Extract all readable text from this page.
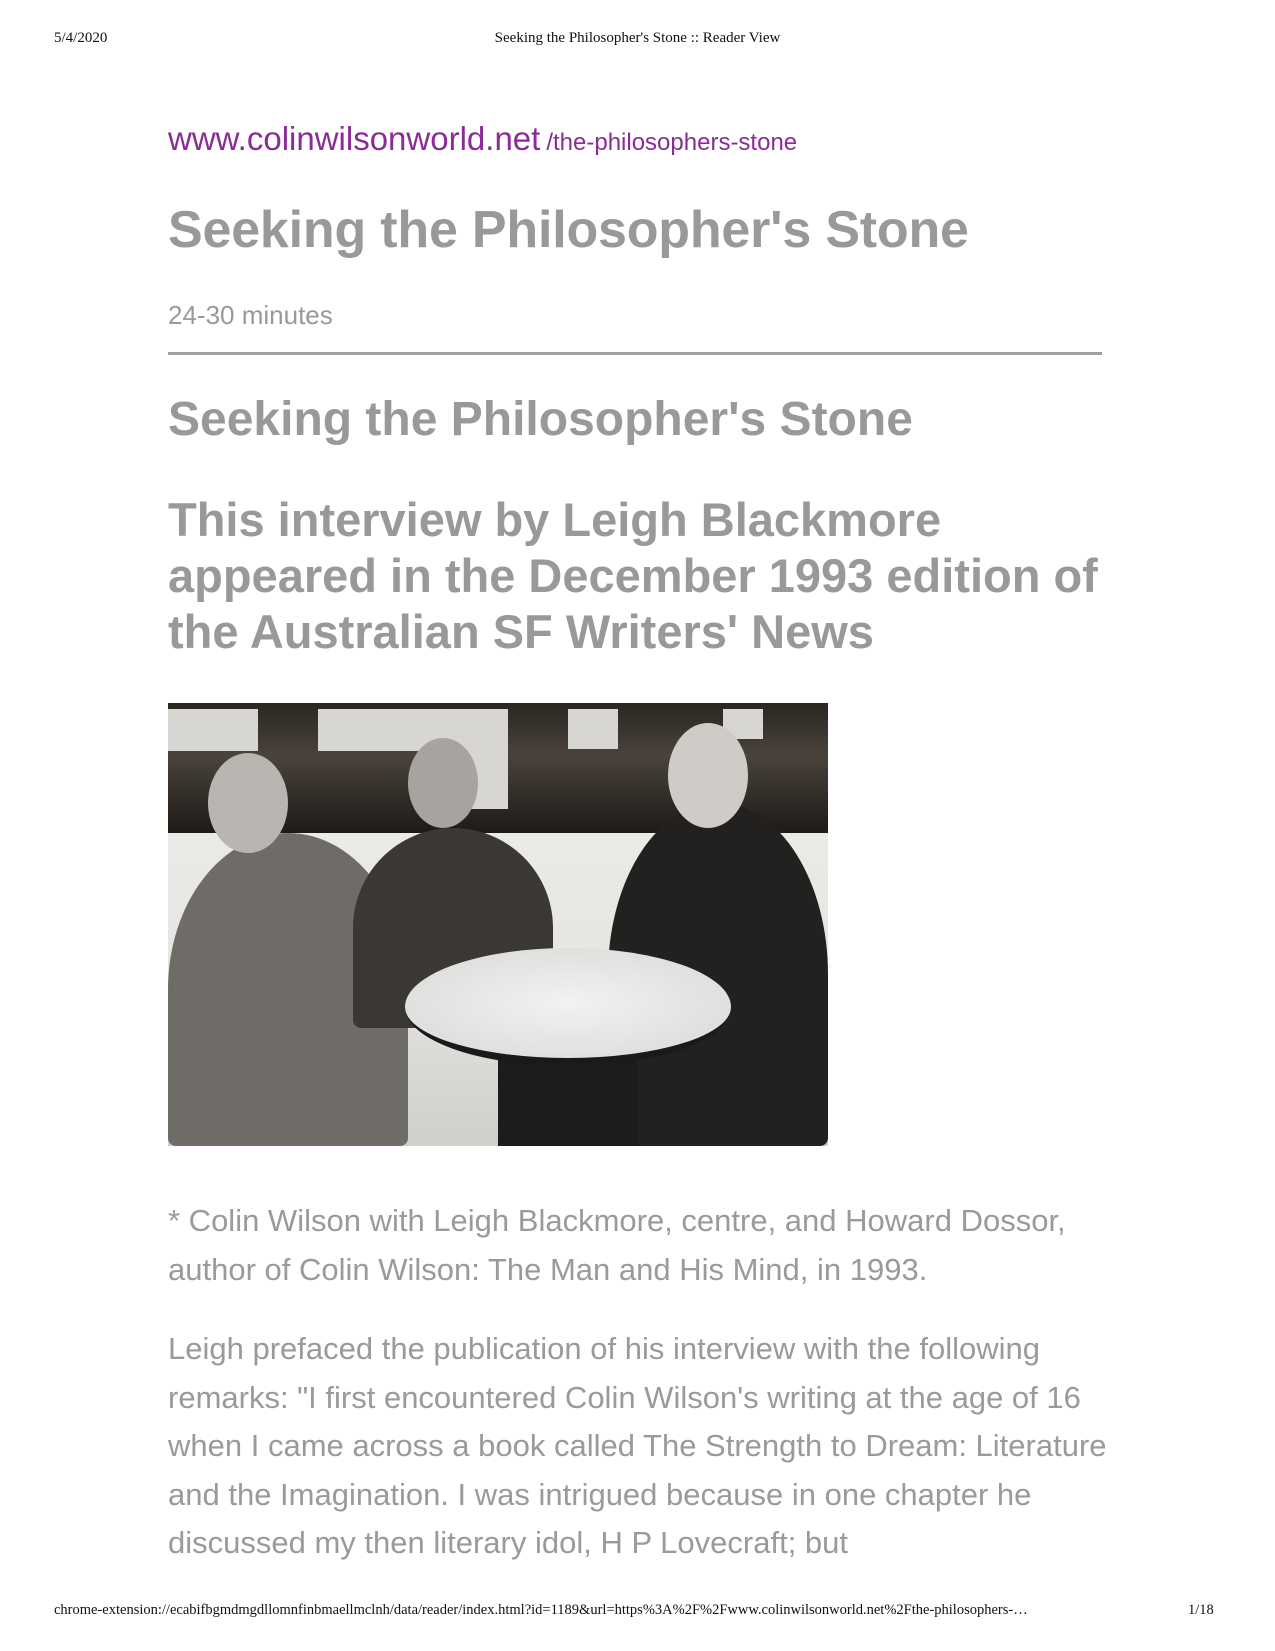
5/4/2020	Seeking the Philosopher's Stone :: Reader View
www.colinwilsonworld.net /the-philosophers-stone
Seeking the Philosopher's Stone
24-30 minutes
Seeking the Philosopher's Stone
This interview by Leigh Blackmore appeared in the December 1993 edition of the Australian SF Writers' News

* Colin Wilson with Leigh Blackmore, centre, and Howard Dossor, author of Colin Wilson: The Man and His Mind, in 1993.

Leigh prefaced the publication of his interview with the following remarks: "I first encountered Colin Wilson's writing at the age of 16 when I came across a book called The Strength to Dream: Literature and the Imagination. I was intrigued because in one chapter he discussed my then literary idol, H P Lovecraft; but

chrome-extension://ecabifbgmdmgdllomnfinbmaellmclnh/data/reader/index.html?id=1189&url=https%3A%2F%2Fwww.colinwilsonworld.net%2Fthe-philosophers-…	1/18
